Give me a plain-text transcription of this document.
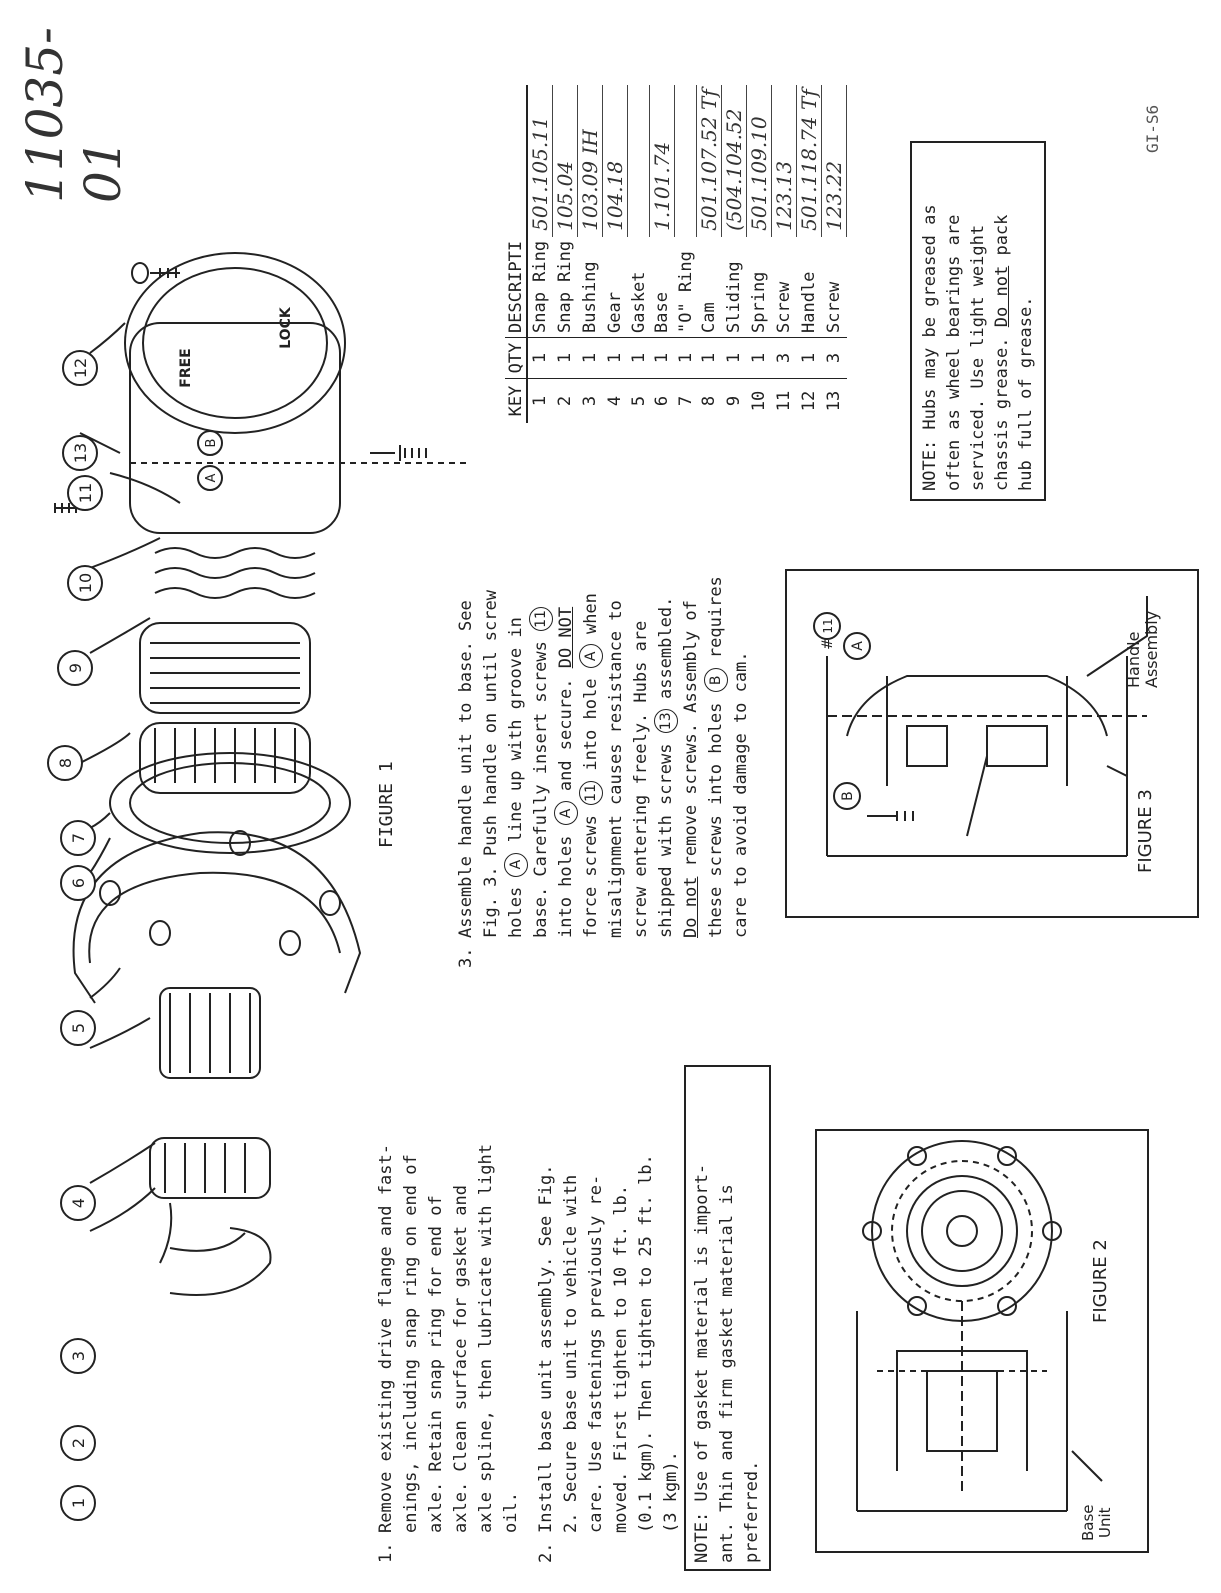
11035-01
GI-S6
1
2
3
4
5
6
7
8
9
10
11
13
12
A
B
FREE
LOCK
FIGURE 1
1.
Remove existing drive flange and fast- enings, including snap ring on end of axle. Retain snap ring for end of axle. Clean surface for gasket and axle spline, then lubricate with light oil.
2.
Install base unit assembly. See Fig. 2. Secure base unit to vehicle with care. Use fastenings previously re- moved. First tighten to 10 ft. lb. (0.1 kgm). Then tighten to 25 ft. lb. (3 kgm). NOTE: Use of gasket material is import- ant. Thin and firm gasket material is preferred.	Base Unit
FIGURE 2
3.
Assemble handle unit to base. See Fig. 3. Push handle on until screw holes A line up with groove in base. Carefully insert screws 11
into holes A and secure. DO NOT
force screws 11 into hole A when misalignment causes resistance to screw entering freely. Hubs are shipped with screws 13 assembled.
Do not remove screws. Assembly of
these screws into holes B requires
care to avoid damage to cam.	B
A
11
#
FIGURE 3
Handle Assembly
KEY	QTY	DESCRIPTI	
1	1	Snap Ring	501.105.11
2	1	Snap Ring	105.04
3	1	Bushing	103.09 IH
4	1	Gear	104.18
5	1	Gasket	
6	1	Base	1.101.74
7	1	"O" Ring	
8	1	Cam	501.107.52 Tf
9	1	Sliding	(504.104.52
10	1	Spring	501.109.10
11	3	Screw	123.13
12	1	Handle	501.118.74 Tf
13	3	Screw	123.22
NOTE: Hubs may be greased as often as wheel bearings are serviced. Use light weight chassis grease. Do not pack
hub full of grease.
